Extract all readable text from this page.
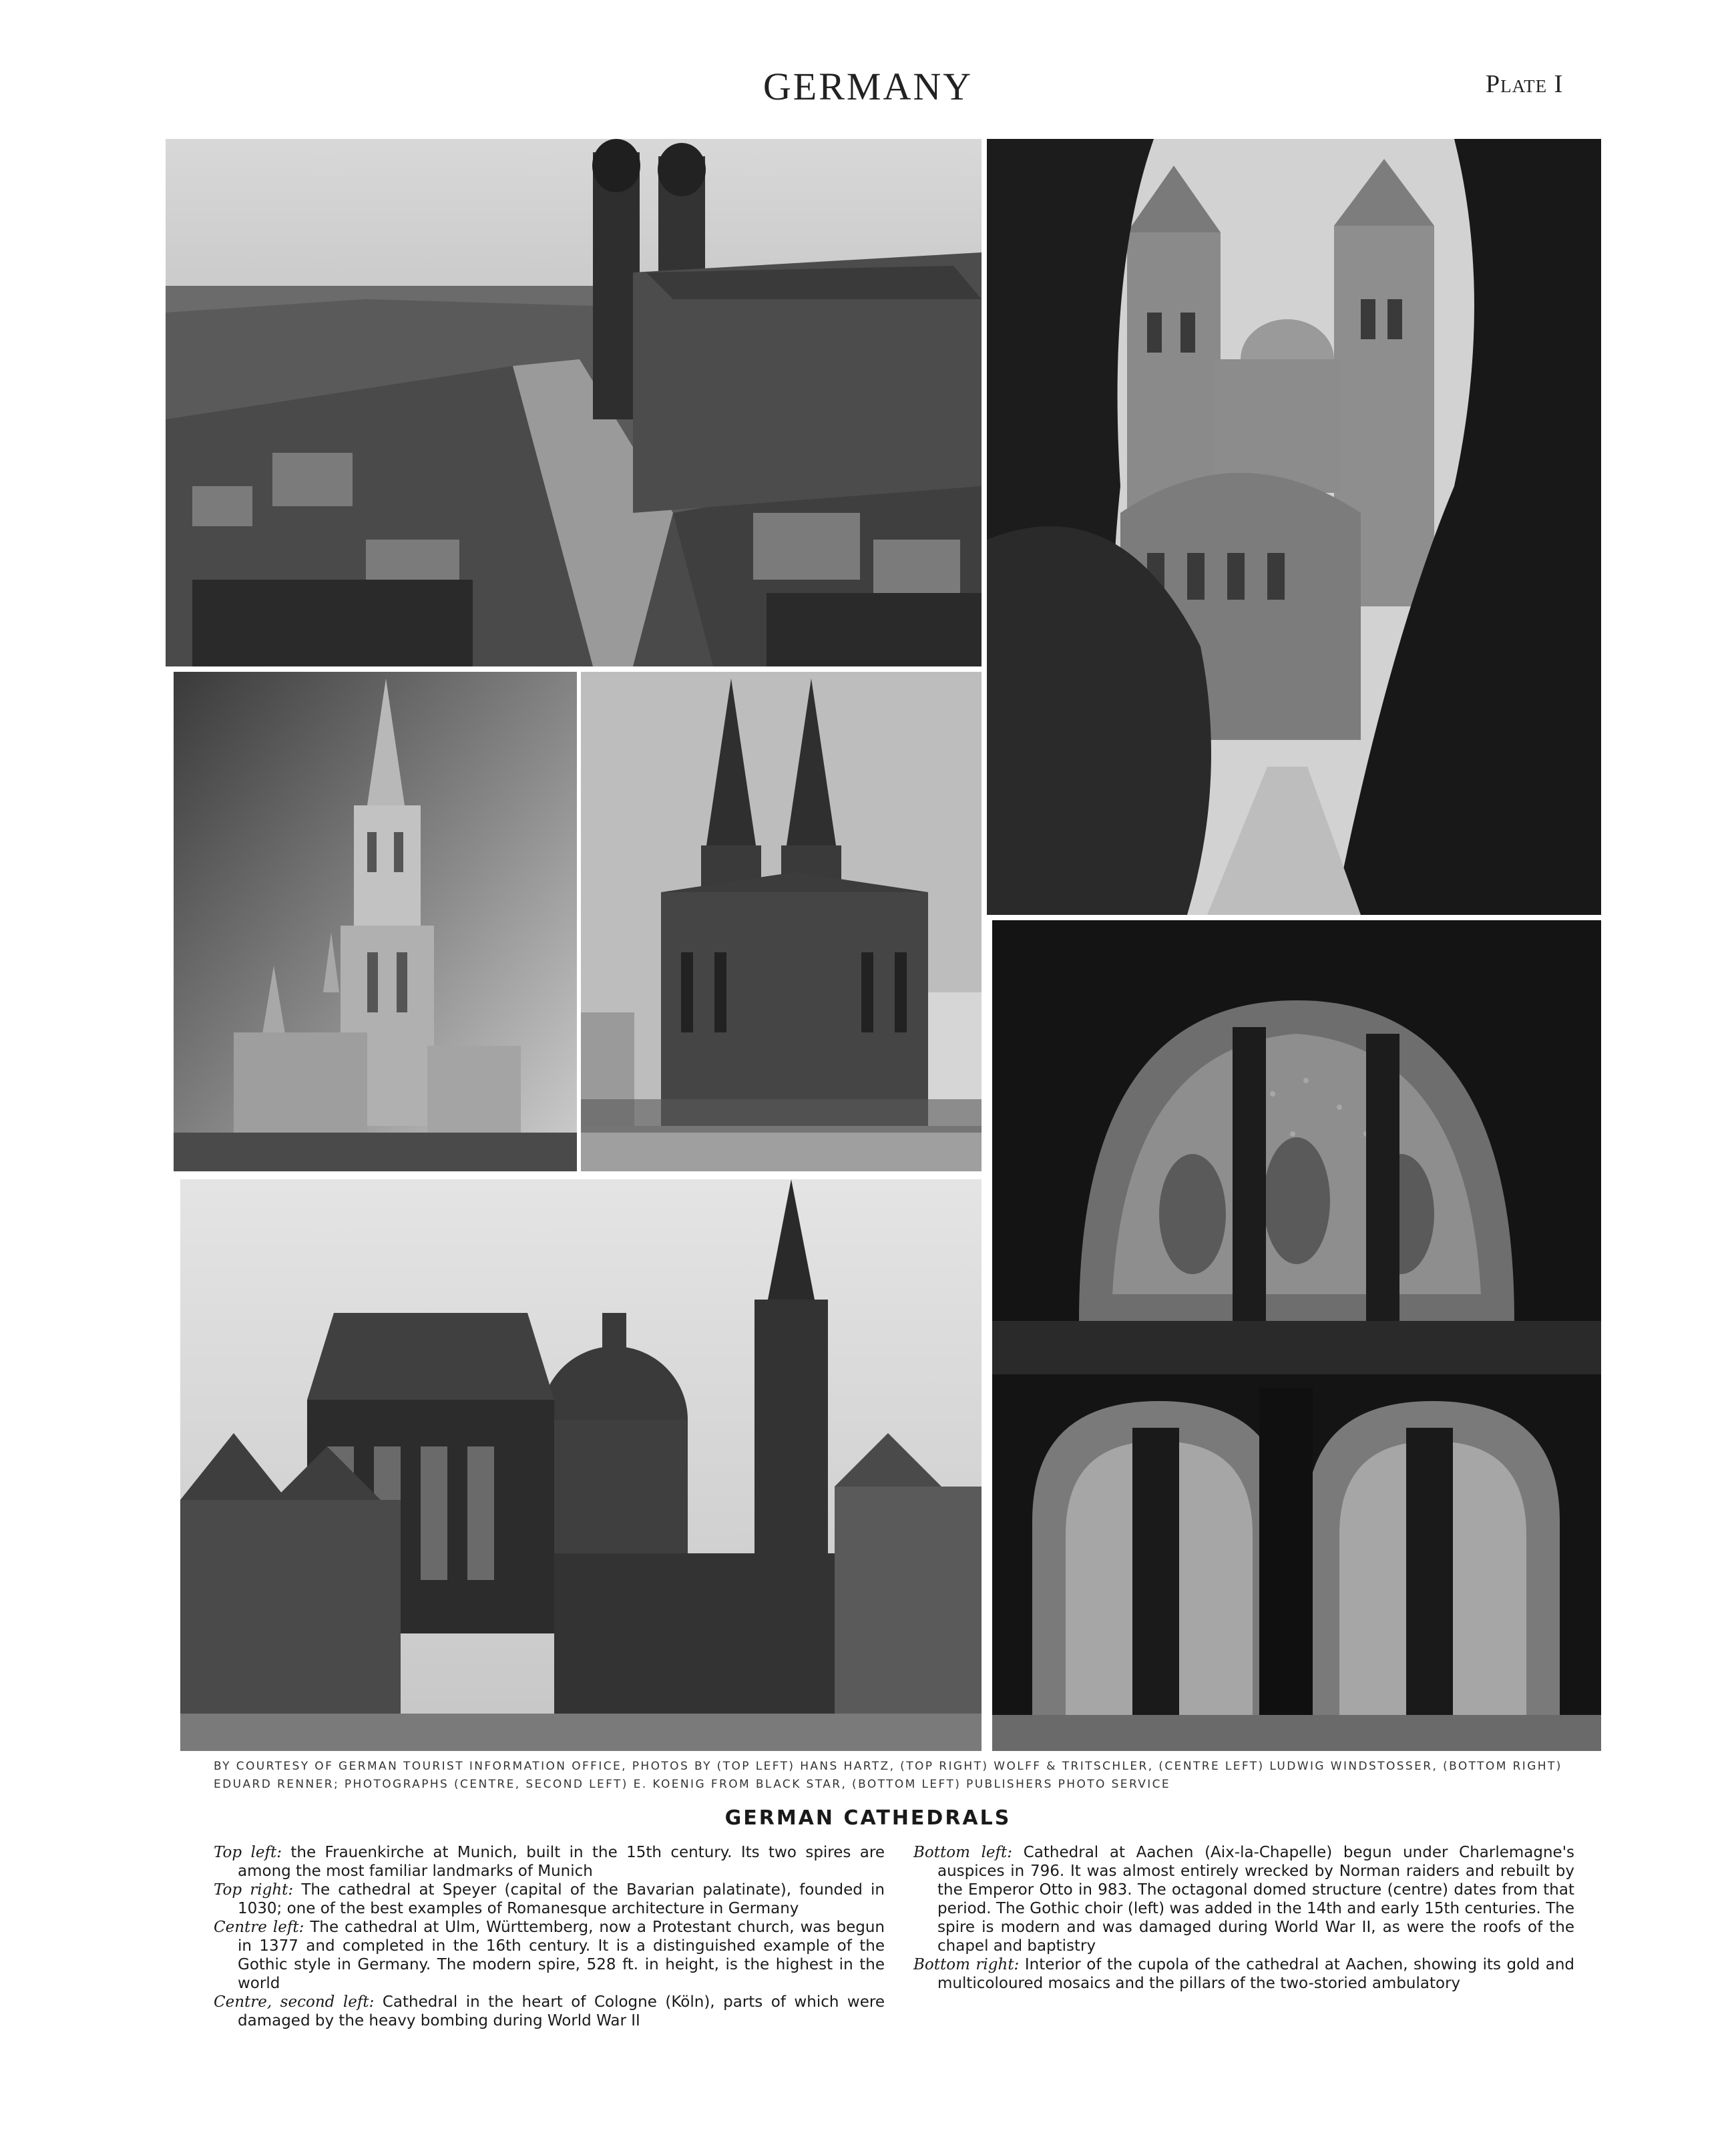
GERMANY	Plate I
BY COURTESY OF GERMAN TOURIST INFORMATION OFFICE, PHOTOS BY (TOP LEFT) HANS HARTZ, (TOP RIGHT) WOLFF & TRITSCHLER, (CENTRE LEFT) LUDWIG WINDSTOSSER, (BOTTOM RIGHT) EDUARD RENNER; PHOTOGRAPHS (CENTRE, SECOND LEFT) E. KOENIG FROM BLACK STAR, (BOTTOM LEFT) PUBLISHERS PHOTO SERVICE
GERMAN CATHEDRALS

Top left: the Frauenkirche at Munich, built in the 15th century. Its two spires are among the most familiar landmarks of Munich

Top right: The cathedral at Speyer (capital of the Bavarian palatinate), founded in 1030; one of the best examples of Romanesque architecture in Germany

Centre left: The cathedral at Ulm, Württemberg, now a Protestant church, was begun in 1377 and completed in the 16th century. It is a distinguished example of the Gothic style in Germany. The modern spire, 528 ft. in height, is the highest in the world

Centre, second left: Cathedral in the heart of Cologne (Köln), parts of which were damaged by the heavy bombing during World War II

Bottom left: Cathedral at Aachen (Aix-la-Chapelle) begun under Charlemagne's auspices in 796. It was almost entirely wrecked by Norman raiders and rebuilt by the Emperor Otto in 983. The octagonal domed structure (centre) dates from that period. The Gothic choir (left) was added in the 14th and early 15th centuries. The spire is modern and was damaged during World War II, as were the roofs of the chapel and baptistry

Bottom right: Interior of the cupola of the cathedral at Aachen, showing its gold and multicoloured mosaics and the pillars of the two-storied ambulatory
